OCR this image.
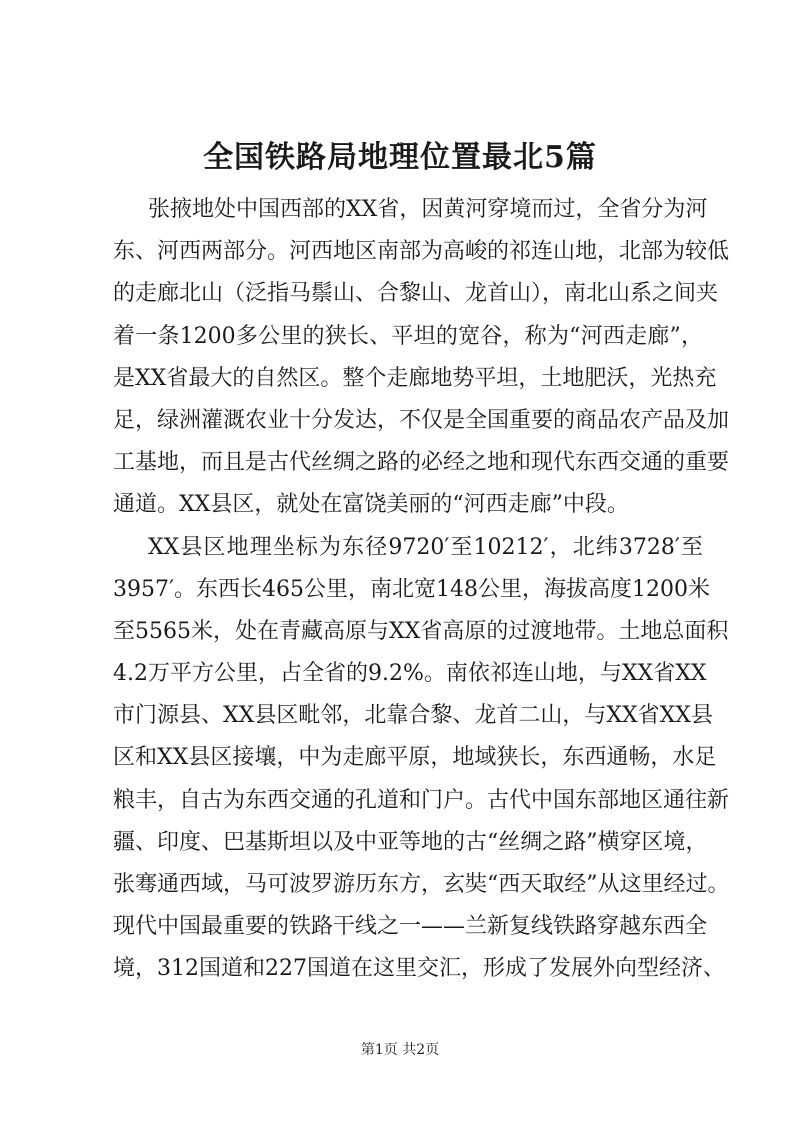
全国铁路局地理位置最北5篇
张掖地处中国西部的XX省，因黄河穿境而过，全省分为河
东、河西两部分。河西地区南部为高峻的祁连山地，北部为较低
的走廊北山（泛指马鬃山、合黎山、龙首山），南北山系之间夹
着一条1200多公里的狭长、平坦的宽谷，称为“河西走廊”，
是XX省最大的自然区。整个走廊地势平坦，土地肥沃，光热充
足，绿洲灌溉农业十分发达，不仅是全国重要的商品农产品及加
工基地，而且是古代丝绸之路的必经之地和现代东西交通的重要
通道。XX县区，就处在富饶美丽的“河西走廊”中段。
XX县区地理坐标为东径9720′至10212′，北纬3728′至
3957′。东西长465公里，南北宽148公里，海拔高度1200米
至5565米，处在青藏高原与XX省高原的过渡地带。土地总面积
4.2万平方公里，占全省的9.2%。南依祁连山地，与XX省XX
市门源县、XX县区毗邻，北靠合黎、龙首二山，与XX省XX县
区和XX县区接壤，中为走廊平原，地域狭长，东西通畅，水足
粮丰，自古为东西交通的孔道和门户。古代中国东部地区通往新
疆、印度、巴基斯坦以及中亚等地的古“丝绸之路”横穿区境，
张骞通西域，马可波罗游历东方，玄奘“西天取经”从这里经过。
现代中国最重要的铁路干线之一——兰新复线铁路穿越东西全
境，312国道和227国道在这里交汇，形成了发展外向型经济、
第1页 共2页
